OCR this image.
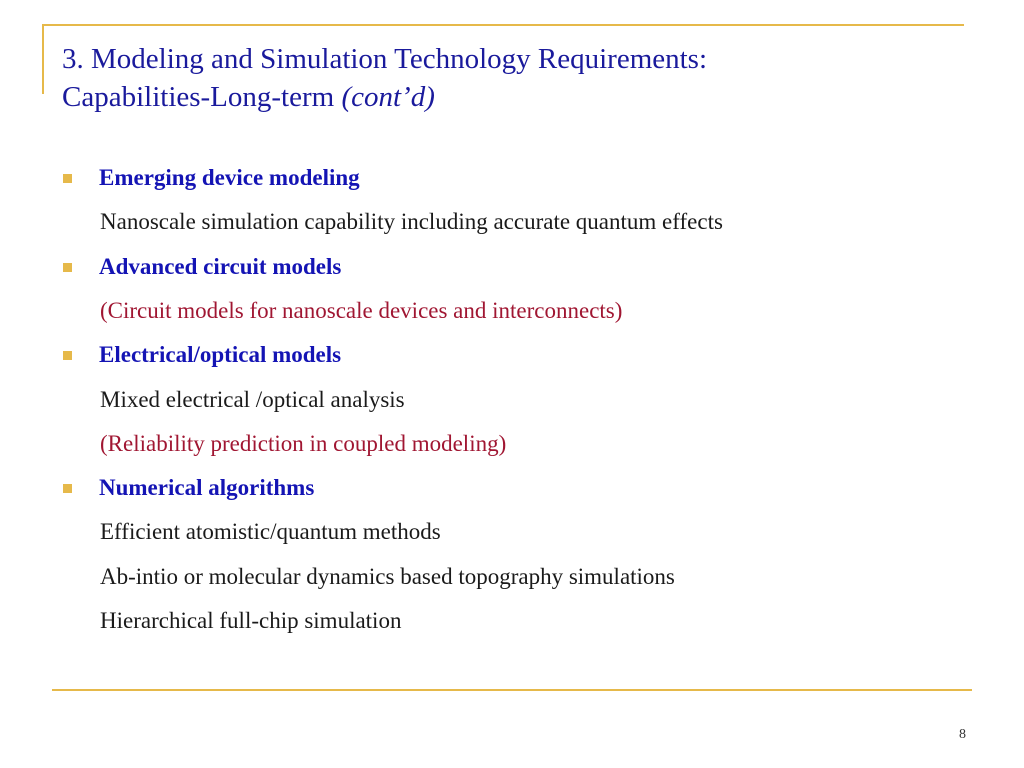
3. Modeling and Simulation Technology Requirements:
Capabilities-Long-term (cont’d)
Emerging device modeling
Nanoscale simulation capability including accurate quantum effects
Advanced circuit models
(Circuit models for nanoscale devices and interconnects)
Electrical/optical models
Mixed electrical /optical analysis
(Reliability prediction in coupled modeling)
Numerical algorithms
Efficient atomistic/quantum methods
Ab-intio or molecular dynamics based topography simulations
Hierarchical full-chip simulation
8
